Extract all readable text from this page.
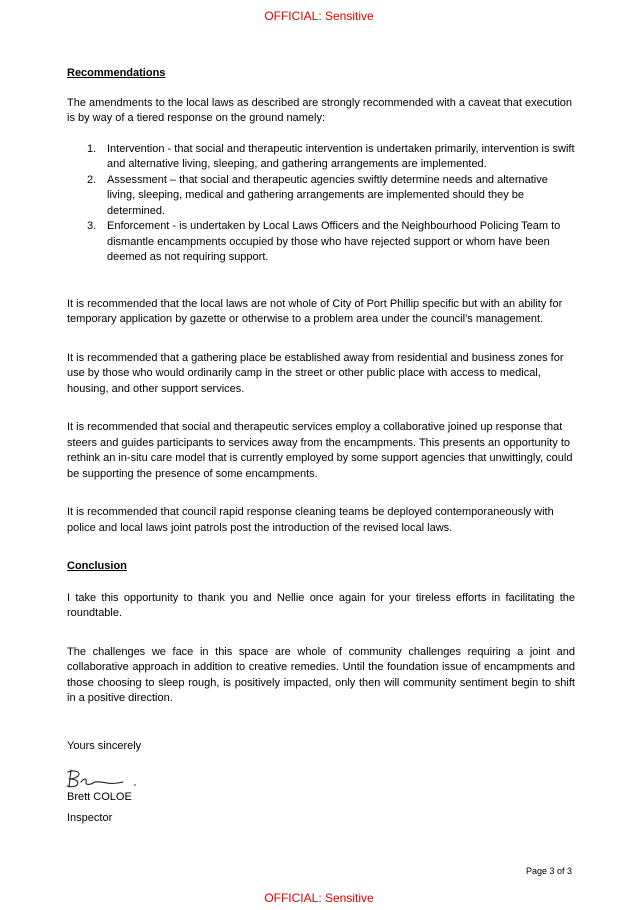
OFFICIAL: Sensitive

Recommendations

The amendments to the local laws as described are strongly recommended with a caveat that execution is by way of a tiered response on the ground namely:

1. Intervention - that social and therapeutic intervention is undertaken primarily, intervention is swift and alternative living, sleeping, and gathering arrangements are implemented.
2. Assessment – that social and therapeutic agencies swiftly determine needs and alternative living, sleeping, medical and gathering arrangements are implemented should they be determined.
3. Enforcement - is undertaken by Local Laws Officers and the Neighbourhood Policing Team to dismantle encampments occupied by those who have rejected support or whom have been deemed as not requiring support.

It is recommended that the local laws are not whole of City of Port Phillip specific but with an ability for temporary application by gazette or otherwise to a problem area under the council’s management.

It is recommended that a gathering place be established away from residential and business zones for use by those who would ordinarily camp in the street or other public place with access to medical, housing, and other support services.

It is recommended that social and therapeutic services employ a collaborative joined up response that steers and guides participants to services away from the encampments. This presents an opportunity to rethink an in-situ care model that is currently employed by some support agencies that unwittingly, could be supporting the presence of some encampments.

It is recommended that council rapid response cleaning teams be deployed contemporaneously with police and local laws joint patrols post the introduction of the revised local laws.

Conclusion

I take this opportunity to thank you and Nellie once again for your tireless efforts in facilitating the roundtable.

The challenges we face in this space are whole of community challenges requiring a joint and collaborative approach in addition to creative remedies. Until the foundation issue of encampments and those choosing to sleep rough, is positively impacted, only then will community sentiment begin to shift in a positive direction.

Yours sincerely

Brett COLOE

Inspector

Page 3 of 3
OFFICIAL: Sensitive
